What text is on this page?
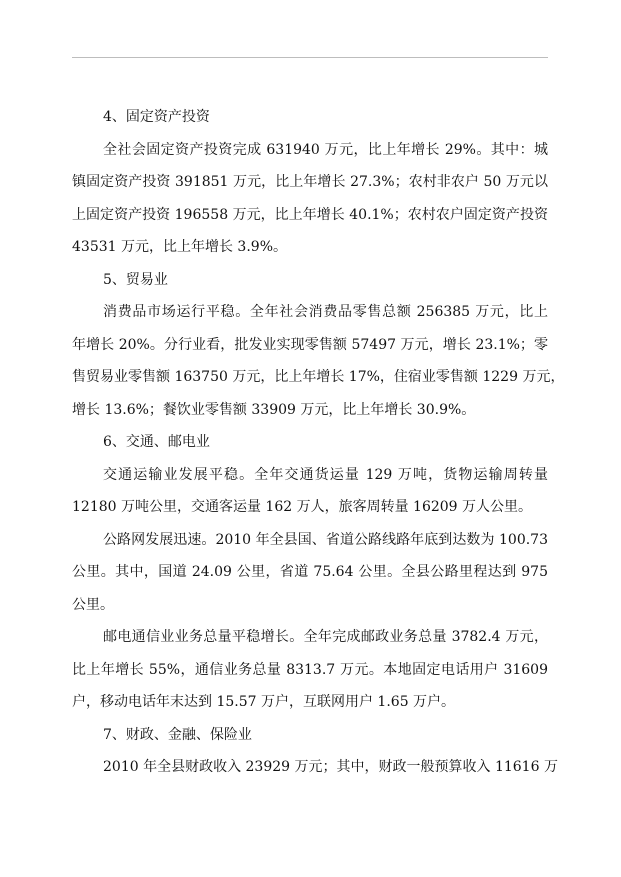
4、固定资产投资
全社会固定资产投资完成 631940 万元，比上年增长 29%。其中：城
镇固定资产投资 391851 万元，比上年增长 27.3%；农村非农户 50 万元以
上固定资产投资 196558 万元，比上年增长 40.1%；农村农户固定资产投资
43531 万元，比上年增长 3.9%。
5、贸易业
消费品市场运行平稳。全年社会消费品零售总额 256385 万元，比上
年增长 20%。分行业看，批发业实现零售额 57497 万元，增长 23.1%；零
售贸易业零售额 163750 万元，比上年增长 17%，住宿业零售额 1229 万元，
增长 13.6%；餐饮业零售额 33909 万元，比上年增长 30.9%。
6、交通、邮电业
交通运输业发展平稳。全年交通货运量 129 万吨，货物运输周转量
12180 万吨公里，交通客运量 162 万人，旅客周转量 16209 万人公里。
公路网发展迅速。2010 年全县国、省道公路线路年底到达数为 100.73
公里。其中，国道 24.09 公里，省道 75.64 公里。全县公路里程达到 975
公里。
邮电通信业业务总量平稳增长。全年完成邮政业务总量 3782.4 万元，
比上年增长 55%，通信业务总量 8313.7 万元。本地固定电话用户 31609
户，移动电话年末达到 15.57 万户，互联网用户 1.65 万户。
7、财政、金融、保险业
2010 年全县财政收入 23929 万元；其中，财政一般预算收入 11616 万
